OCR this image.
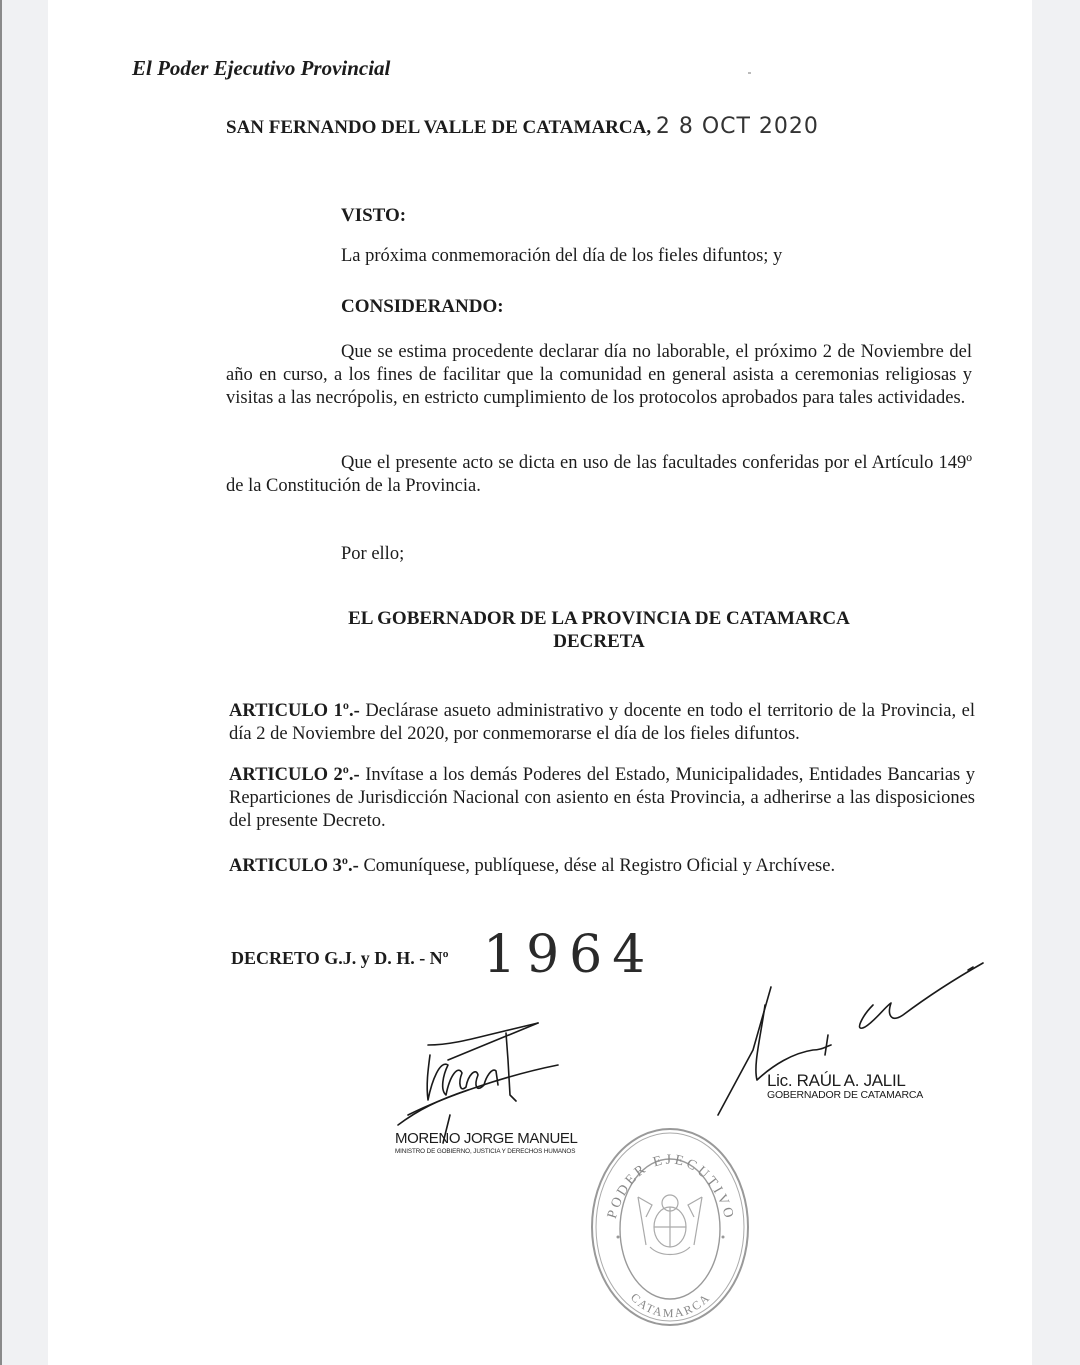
El Poder Ejecutivo Provincial
SAN FERNANDO DEL VALLE DE CATAMARCA, 2 8 OCT 2020
VISTO:
La próxima conmemoración del día de los fieles difuntos; y
CONSIDERANDO:
Que se estima procedente declarar día no laborable, el próximo 2 de Noviembre del año en curso, a los fines de facilitar que la comunidad en general asista a ceremonias religiosas y visitas a las necrópolis, en estricto cumplimiento de los protocolos aprobados para tales actividades.
Que el presente acto se dicta en uso de las facultades conferidas por el Artículo 149º de la Constitución de la Provincia.
Por ello;
EL GOBERNADOR DE LA PROVINCIA DE CATAMARCA
DECRETA
ARTICULO 1º.- Declárase asueto administrativo y docente en todo el territorio de la Provincia, el día 2 de Noviembre del 2020, por conmemorarse el día de los fieles difuntos.
ARTICULO 2º.- Invítase a los demás Poderes del Estado, Municipalidades, Entidades Bancarias y Reparticiones de Jurisdicción Nacional con asiento en ésta Provincia, a adherirse a las disposiciones del presente Decreto.
ARTICULO 3º.- Comuníquese, publíquese, dése al Registro Oficial y Archívese.
DECRETO G.J. y D. H. - Nº 1964
MORENO JORGE MANUEL
MINISTRO DE GOBIERNO, JUSTICIA Y DERECHOS HUMANOS
Lic. RAÚL A. JALIL
GOBERNADOR DE CATAMARCA
PODER EJECUTIVO
CATAMARCA
